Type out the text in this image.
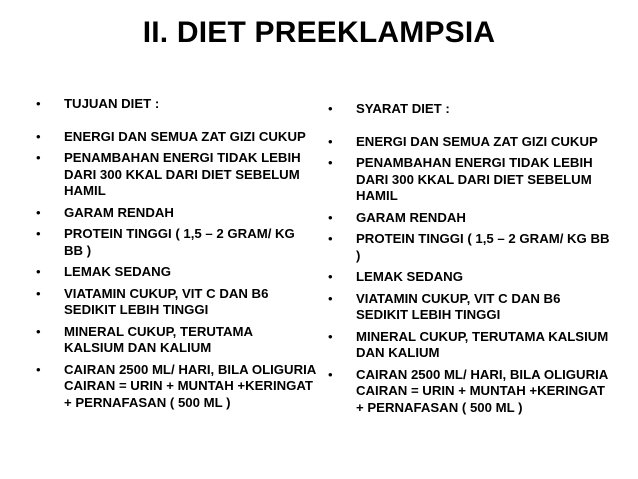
II. DIET PREEKLAMPSIA
• TUJUAN DIET :
• ENERGI DAN SEMUA ZAT GIZI CUKUP
• PENAMBAHAN ENERGI TIDAK LEBIH DARI 300 KKAL DARI DIET SEBELUM HAMIL
• GARAM RENDAH
• PROTEIN TINGGI ( 1,5 – 2 GRAM/ KG BB )
• LEMAK SEDANG
• VIATAMIN CUKUP, VIT C DAN B6 SEDIKIT LEBIH TINGGI
• MINERAL CUKUP, TERUTAMA KALSIUM DAN KALIUM
• CAIRAN 2500 ML/ HARI, BILA OLIGURIA CAIRAN = URIN + MUNTAH +KERINGAT + PERNAFASAN ( 500 ML )
• SYARAT DIET :
• ENERGI DAN SEMUA ZAT GIZI CUKUP
• PENAMBAHAN ENERGI TIDAK LEBIH DARI 300 KKAL DARI DIET SEBELUM HAMIL
• GARAM RENDAH
• PROTEIN TINGGI ( 1,5 – 2 GRAM/ KG BB )
• LEMAK SEDANG
• VIATAMIN CUKUP, VIT C DAN B6 SEDIKIT LEBIH TINGGI
• MINERAL CUKUP, TERUTAMA KALSIUM DAN KALIUM
• CAIRAN 2500 ML/ HARI, BILA OLIGURIA CAIRAN = URIN + MUNTAH +KERINGAT + PERNAFASAN ( 500 ML )
